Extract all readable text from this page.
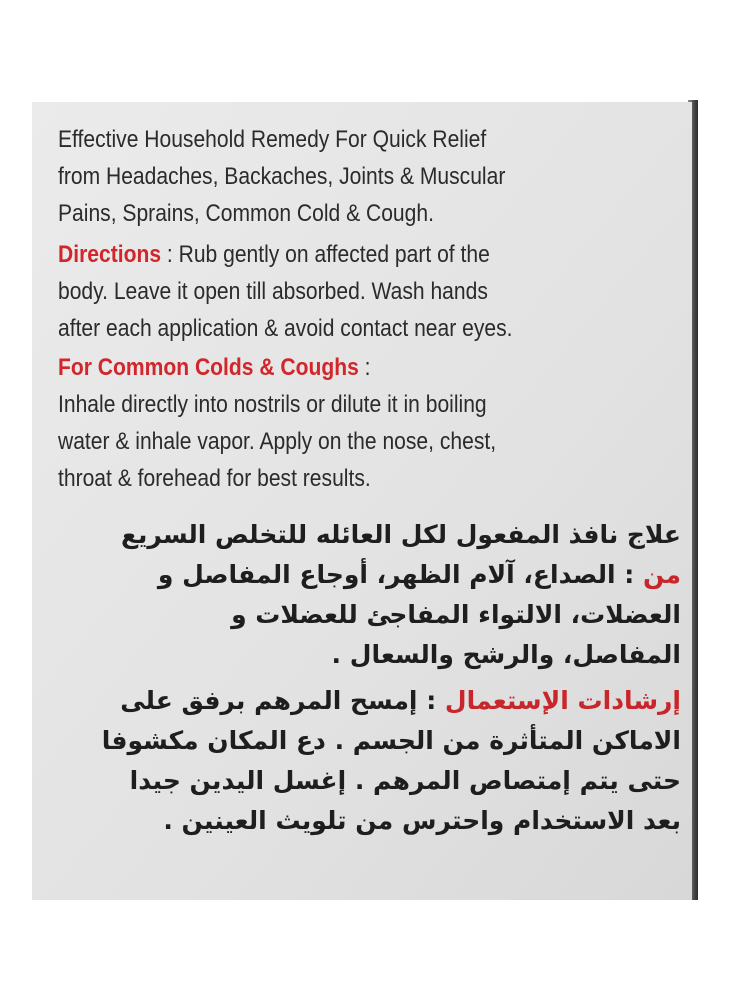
Effective Household Remedy For Quick Relief
from Headaches, Backaches, Joints & Muscular
Pains, Sprains, Common Cold & Cough.
Directions : Rub gently on affected part of the
body. Leave it open till absorbed. Wash hands
after each application & avoid contact near eyes.
For Common Colds & Coughs :
Inhale directly into nostrils or dilute it in boiling
water & inhale vapor. Apply on the nose, chest,
throat & forehead for best results.
علاج نافذ المفعول لكل العائله للتخلص السريع
من : الصداع، آلام الظهر، أوجاع المفاصل و
العضلات، الالتواء المفاجئ للعضلات و
المفاصل، والرشح والسعال .
إرشادات الإستعمال : إمسح المرهم برفق على
الاماكن المتأثرة من الجسم . دع المكان مكشوفا
حتى يتم إمتصاص المرهم . إغسل اليدين جيدا
بعد الاستخدام واحترس من تلويث العينين .
